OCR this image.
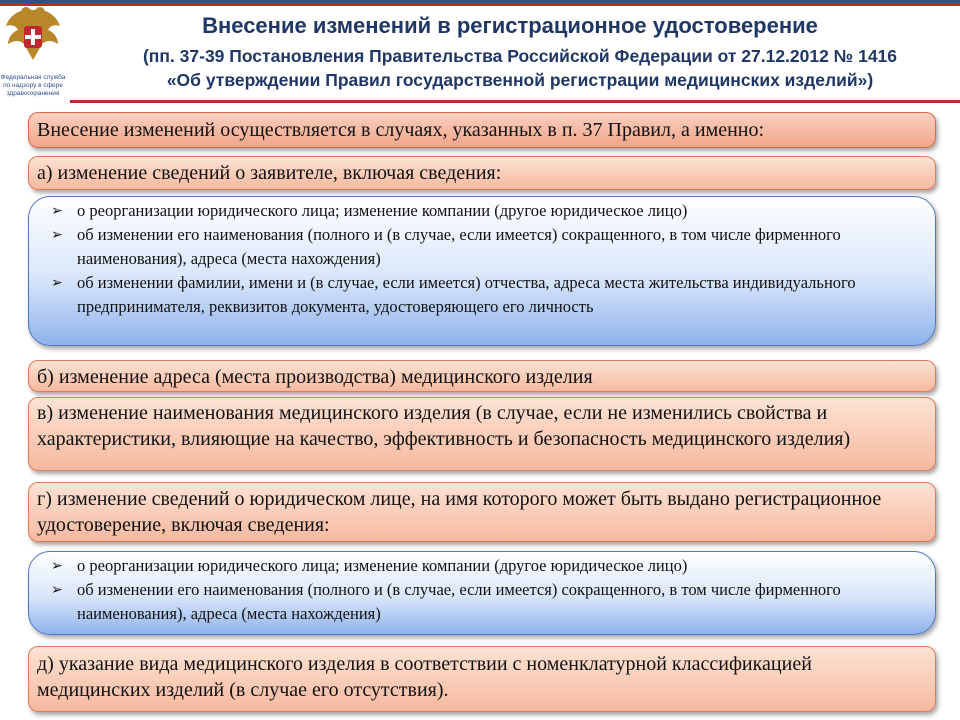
Федеральная служба по надзору в сфере здравоохранения
Внесение изменений в регистрационное удостоверение
(пп. 37-39 Постановления Правительства Российской Федерации от 27.12.2012 № 1416
«Об утверждении Правил государственной регистрации медицинских изделий»)
Внесение изменений осуществляется в случаях, указанных в п. 37 Правил, а именно:
а) изменение сведений о заявителе, включая сведения:
➢ о реорганизации юридического лица; изменение компании (другое юридическое лицо)
➢ об изменении его наименования (полного и (в случае, если имеется) сокращенного, в том числе фирменного наименования), адреса (места нахождения)
➢ об изменении фамилии, имени и (в случае, если имеется) отчества, адреса места жительства индивидуального предпринимателя, реквизитов документа, удостоверяющего его личность
б) изменение адреса (места производства) медицинского изделия
в) изменение наименования медицинского изделия (в случае, если не изменились свойства и характеристики, влияющие на качество, эффективность и безопасность медицинского изделия)
г) изменение сведений о юридическом лице, на имя которого может быть выдано регистрационное удостоверение, включая сведения:
➢ о реорганизации юридического лица; изменение компании (другое юридическое лицо)
➢ об изменении его наименования (полного и (в случае, если имеется) сокращенного, в том числе фирменного наименования), адреса (места нахождения)
д) указание вида медицинского изделия в соответствии с номенклатурной классификацией медицинских изделий (в случае его отсутствия).
